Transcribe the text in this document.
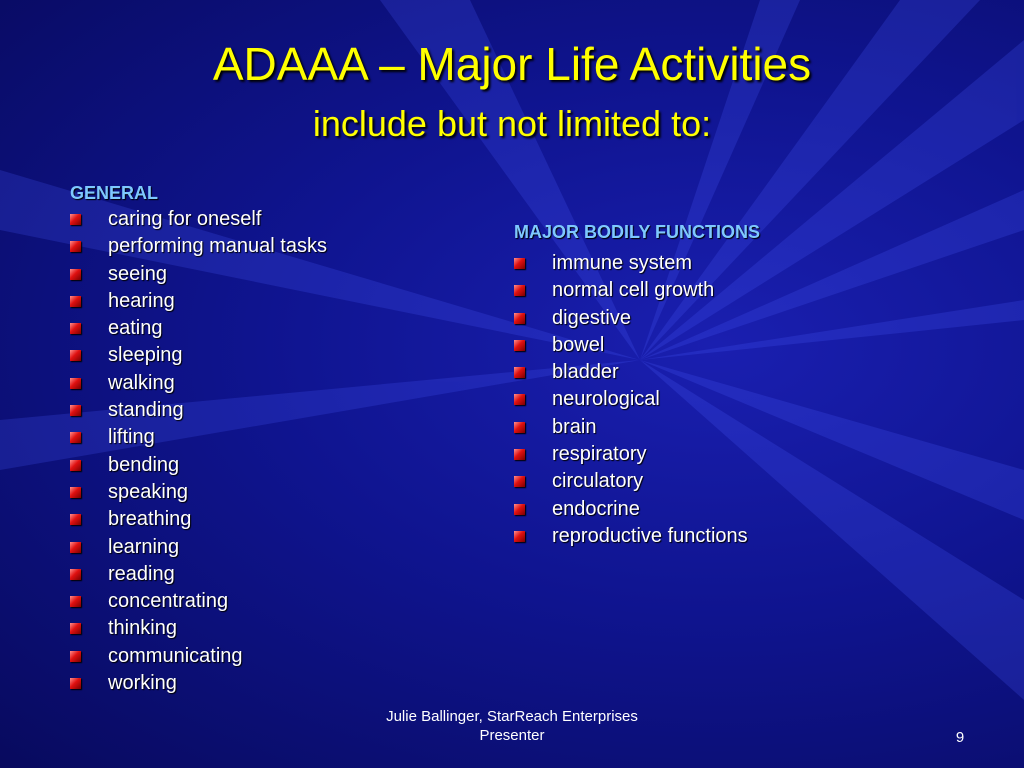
ADAAA – Major Life Activities
include but not limited to:
GENERAL
caring for oneself
performing manual tasks
seeing
hearing
eating
sleeping
walking
standing
lifting
bending
speaking
breathing
learning
reading
concentrating
thinking
communicating
working
MAJOR BODILY FUNCTIONS
immune system
normal cell growth
digestive
bowel
bladder
neurological
brain
respiratory
circulatory
endocrine
reproductive functions
Julie Ballinger, StarReach Enterprises
Presenter	9
